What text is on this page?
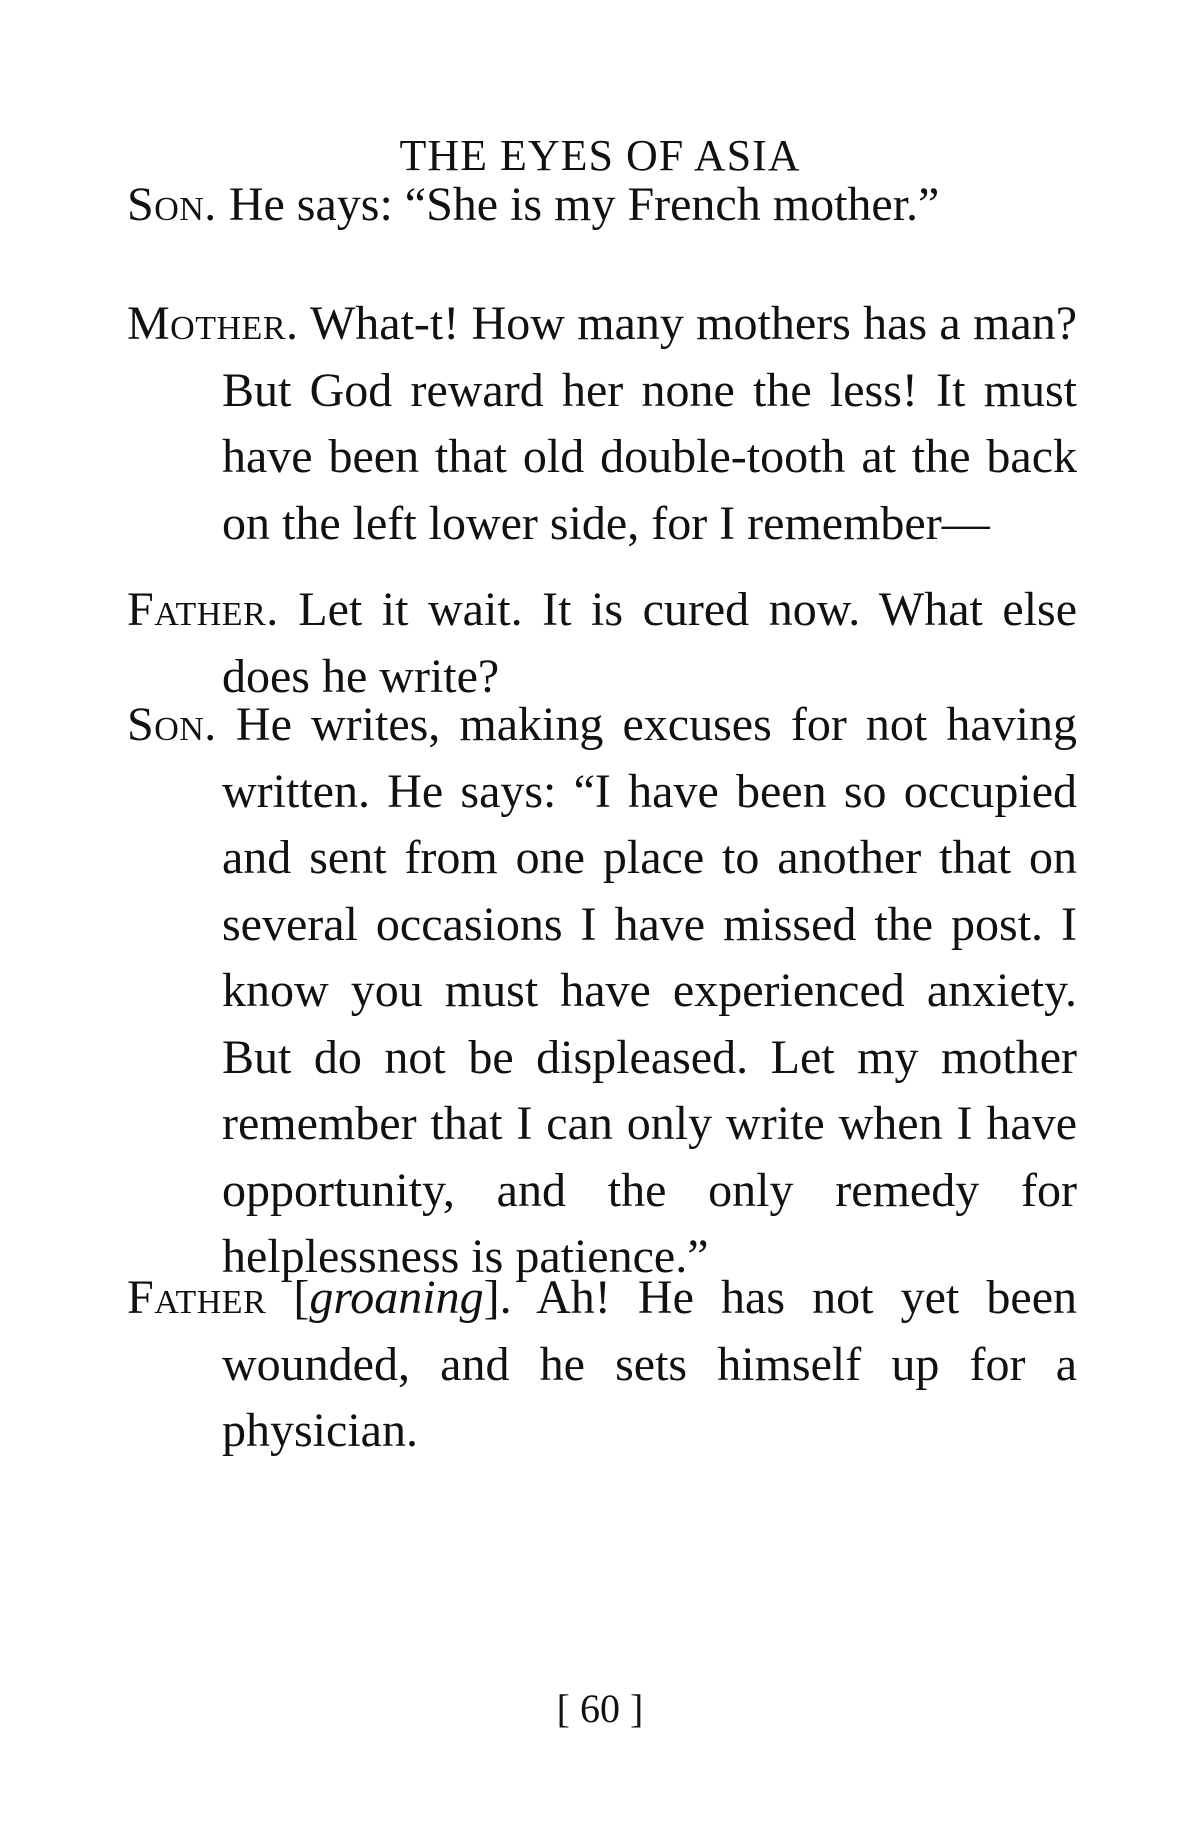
THE EYES OF ASIA

Son. He says: “She is my French mother.”

Mother. What-t! How many mothers has a man? But God reward her none the less! It must have been that old double-tooth at the back on the left lower side, for I remember—

Father. Let it wait. It is cured now. What else does he write?

Son. He writes, making excuses for not having written. He says: “I have been so occupied and sent from one place to another that on several occasions I have missed the post. I know you must have experienced anxiety. But do not be displeased. Let my mother remember that I can only write when I have opportunity, and the only remedy for helplessness is patience.”

Father [groaning]. Ah! He has not yet been wounded, and he sets himself up for a physician.

[ 60 ]
